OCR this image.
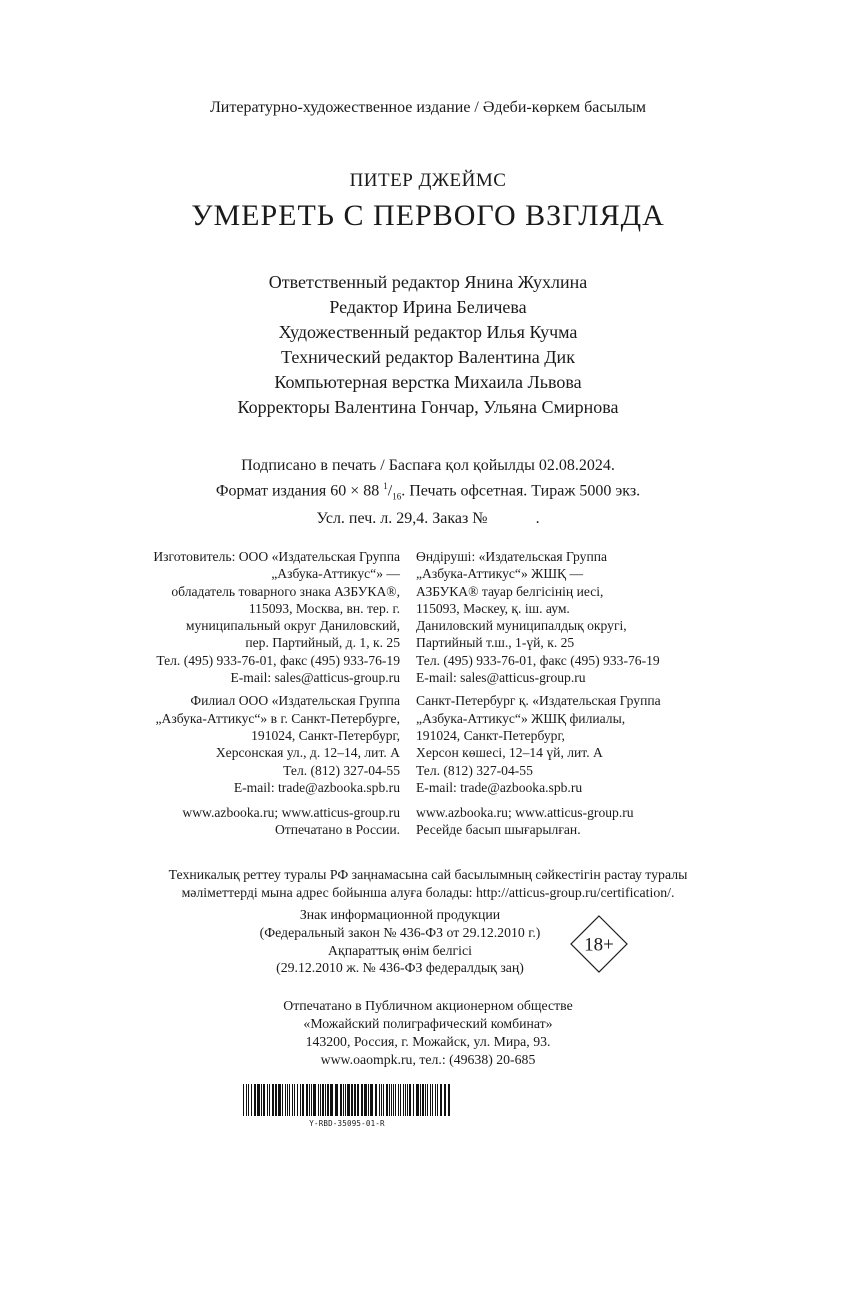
Литературно-художественное издание / Әдеби-көркем басылым
ПИТЕР ДЖЕЙМС
УМЕРЕТЬ С ПЕРВОГО ВЗГЛЯДА
Ответственный редактор Янина Жухлина
Редактор Ирина Беличева
Художественный редактор Илья Кучма
Технический редактор Валентина Дик
Компьютерная верстка Михаила Львова
Корректоры Валентина Гончар, Ульяна Смирнова
Подписано в печать / Баспаға қол қойылды 02.08.2024.
Формат издания 60 × 88 $^1/_{16}$. Печать офсетная. Тираж 5000 экз.
Усл. печ. л. 29,4. Заказ №            .
Изготовитель: ООО «Издательская Группа
„Азбука-Аттикус“» —
обладатель товарного знака АЗБУКА®,
115093, Москва, вн. тер. г.
муниципальный округ Даниловский,
пер. Партийный, д. 1, к. 25
Тел. (495) 933-76-01, факс (495) 933-76-19
E-mail: sales@atticus-group.ru
Филиал ООО «Издательская Группа
„Азбука-Аттикус“» в г. Санкт-Петербурге,
191024, Санкт-Петербург,
Херсонская ул., д. 12–14, лит. А
Тел. (812) 327-04-55
E-mail: trade@azbooka.spb.ru
www.azbooka.ru; www.atticus-group.ru
Отпечатано в России.
Өндіруші: «Издательская Группа
„Азбука-Аттикус“» ЖШҚ —
АЗБУКА® тауар белгісінің иесі,
115093, Мәскеу, қ. іш. аум.
Даниловский муниципалдық округі,
Партийный т.ш., 1-үй, к. 25
Тел. (495) 933-76-01, факс (495) 933-76-19
E-mail: sales@atticus-group.ru
Санкт-Петербург қ. «Издательская Группа
„Азбука-Аттикус“» ЖШҚ филиалы,
191024, Санкт-Петербург,
Херсон көшесі, 12–14 үй, лит. А
Тел. (812) 327-04-55
E-mail: trade@azbooka.spb.ru
www.azbooka.ru; www.atticus-group.ru
Ресейде басып шығарылған.
Техникалық реттеу туралы РФ заңнамасына сай басылымның сәйкестігін растау туралы
мәліметтерді мына адрес бойынша алуға болады: http://atticus-group.ru/certification/.
Знак информационной продукции
(Федеральный закон № 436-ФЗ от 29.12.2010 г.)
Ақпараттық өнім белгісі
(29.12.2010 ж. № 436-ФЗ федералдық заң)
18+
Отпечатано в Публичном акционерном обществе
«Можайский полиграфический комбинат»
143200, Россия, г. Можайск, ул. Мира, 93.
www.oaompk.ru, тел.: (49638) 20-685
Y-RBD-35095-01-R
